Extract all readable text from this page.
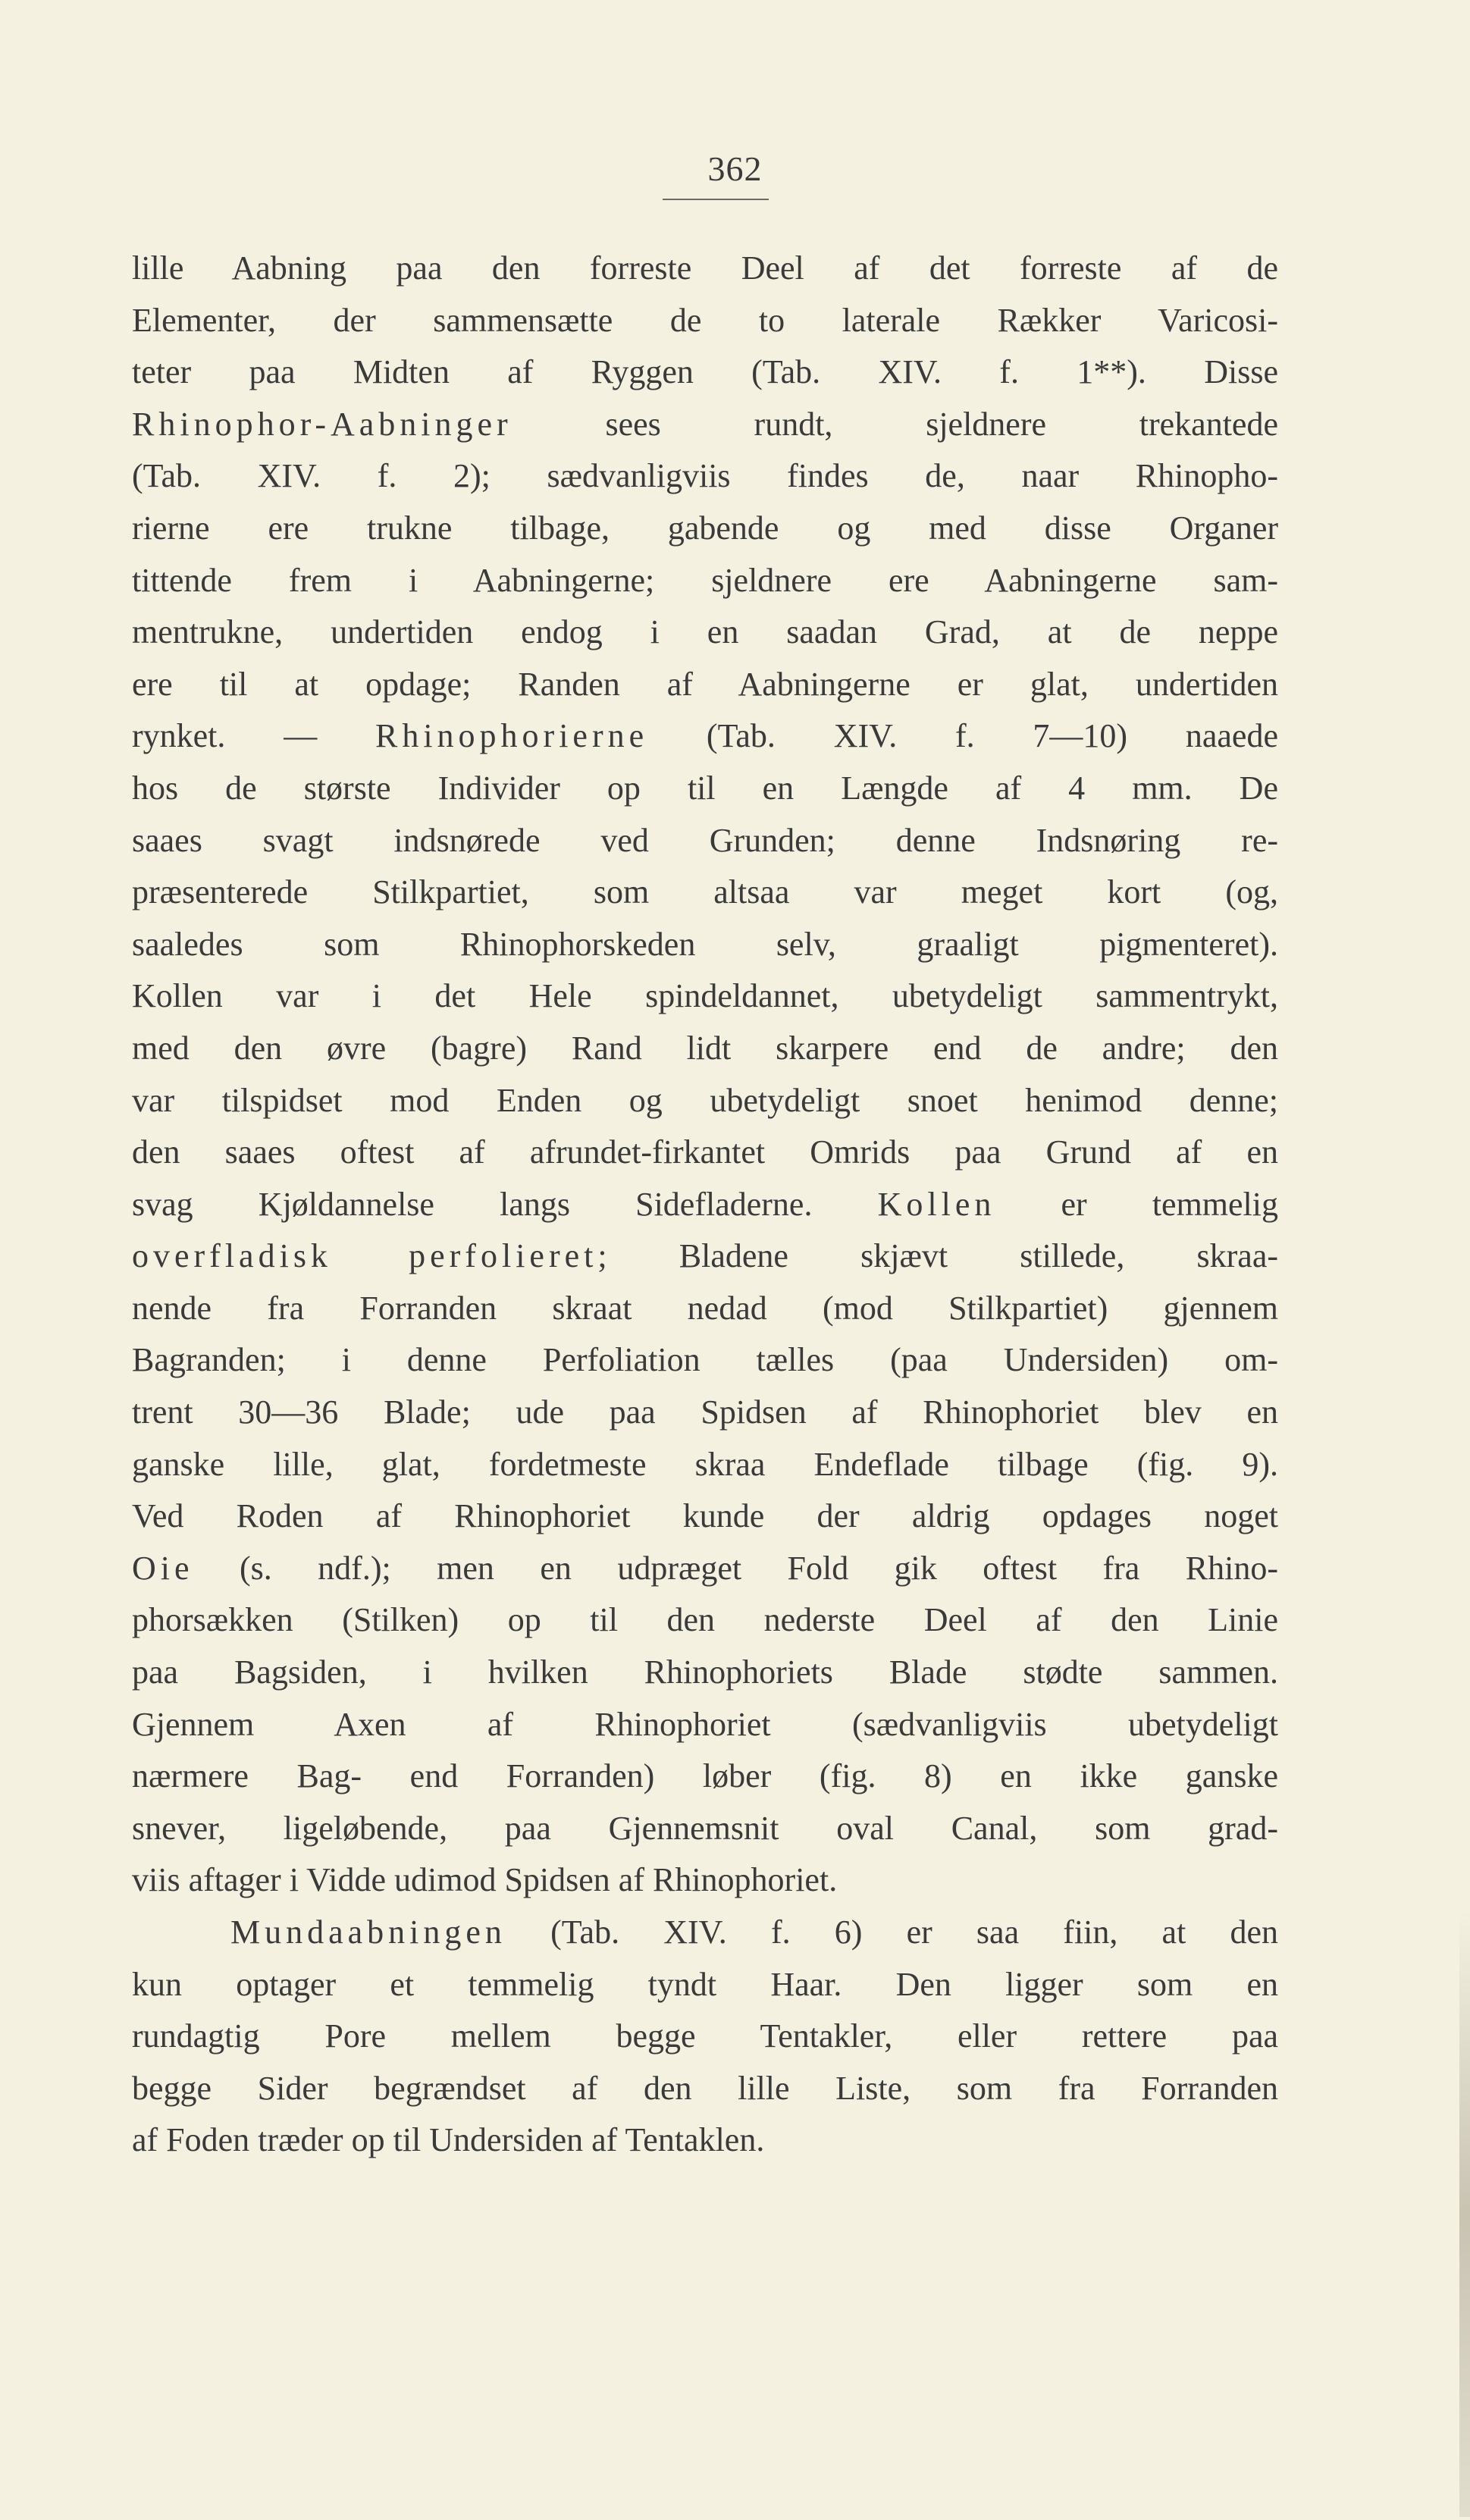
362
lille Aabning paa den forreste Deel af det forreste af de
Elementer, der sammensætte de to laterale Rækker Varicosi-
teter paa Midten af Ryggen (Tab. XIV. f. 1**). Disse
Rhinophor-Aabninger sees rundt, sjeldnere trekantede
(Tab. XIV. f. 2); sædvanligviis findes de, naar Rhinopho-
rierne ere trukne tilbage, gabende og med disse Organer
tittende frem i Aabningerne; sjeldnere ere Aabningerne sam-
mentrukne, undertiden endog i en saadan Grad, at de neppe
ere til at opdage; Randen af Aabningerne er glat, undertiden
rynket. — Rhinophorierne (Tab. XIV. f. 7—10) naaede
hos de største Individer op til en Længde af 4 mm. De
saaes svagt indsnørede ved Grunden; denne Indsnøring re-
præsenterede Stilkpartiet, som altsaa var meget kort (og,
saaledes som Rhinophorskeden selv, graaligt pigmenteret).
Kollen var i det Hele spindeldannet, ubetydeligt sammentrykt,
med den øvre (bagre) Rand lidt skarpere end de andre; den
var tilspidset mod Enden og ubetydeligt snoet henimod denne;
den saaes oftest af afrundet-firkantet Omrids paa Grund af en
svag Kjøldannelse langs Sidefladerne. Kollen er temmelig
overfladisk perfolieret; Bladene skjævt stillede, skraa-
nende fra Forranden skraat nedad (mod Stilkpartiet) gjennem
Bagranden; i denne Perfoliation tælles (paa Undersiden) om-
trent 30—36 Blade; ude paa Spidsen af Rhinophoriet blev en
ganske lille, glat, fordetmeste skraa Endeflade tilbage (fig. 9).
Ved Roden af Rhinophoriet kunde der aldrig opdages noget
Oie (s. ndf.); men en udpræget Fold gik oftest fra Rhino-
phorsækken (Stilken) op til den nederste Deel af den Linie
paa Bagsiden, i hvilken Rhinophoriets Blade stødte sammen.
Gjennem Axen af Rhinophoriet (sædvanligviis ubetydeligt
nærmere Bag- end Forranden) løber (fig. 8) en ikke ganske
snever, ligeløbende, paa Gjennemsnit oval Canal, som grad-
viis aftager i Vidde udimod Spidsen af Rhinophoriet.
Mundaabningen (Tab. XIV. f. 6) er saa fiin, at den
kun optager et temmelig tyndt Haar. Den ligger som en
rundagtig Pore mellem begge Tentakler, eller rettere paa
begge Sider begrændset af den lille Liste, som fra Forranden
af Foden træder op til Undersiden af Tentaklen.
